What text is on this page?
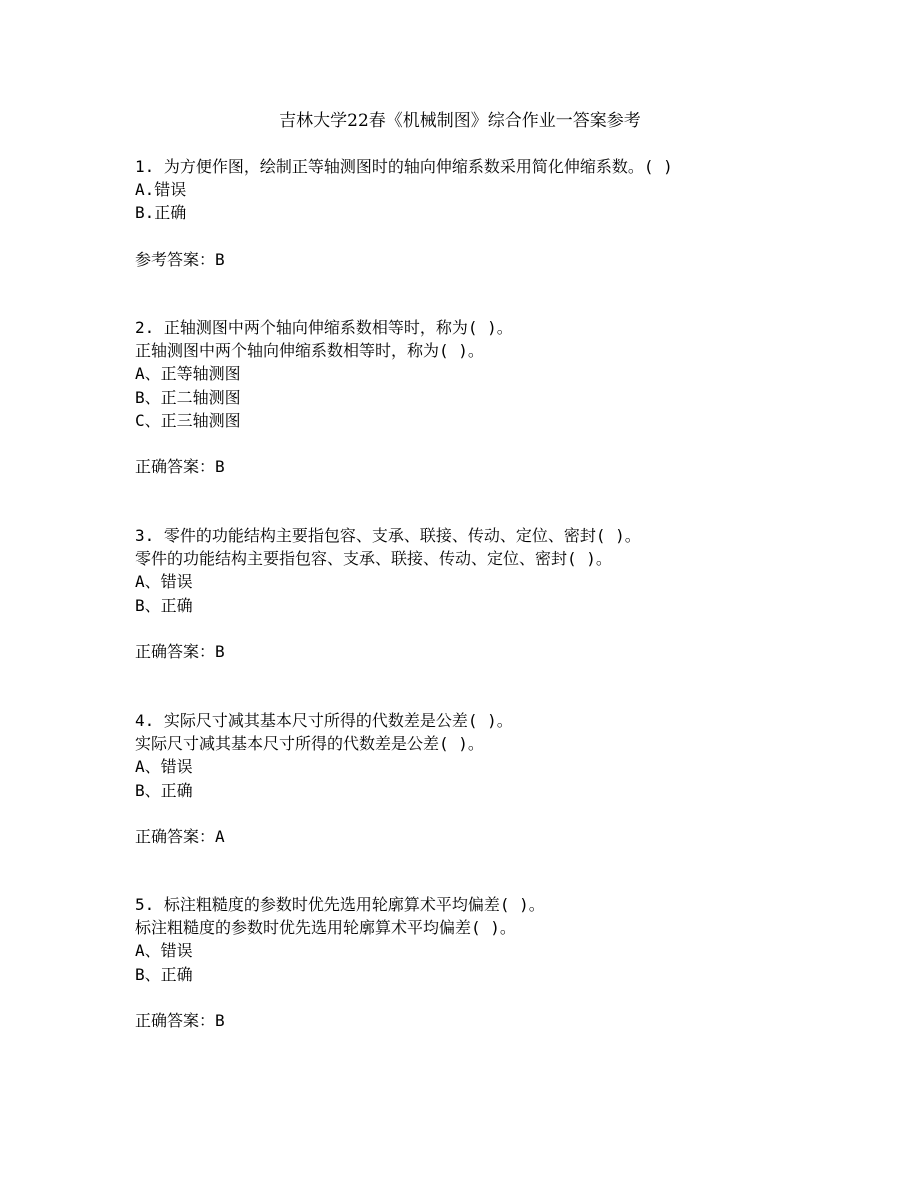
吉林大学22春《机械制图》综合作业一答案参考
1. 为方便作图，绘制正等轴测图时的轴向伸缩系数采用简化伸缩系数。( )
A.错误
B.正确
参考答案：B
2. 正轴测图中两个轴向伸缩系数相等时，称为( )。
正轴测图中两个轴向伸缩系数相等时，称为( )。
A、正等轴测图
B、正二轴测图
C、正三轴测图
正确答案：B
3. 零件的功能结构主要指包容、支承、联接、传动、定位、密封( )。
零件的功能结构主要指包容、支承、联接、传动、定位、密封( )。
A、错误
B、正确
正确答案：B
4. 实际尺寸减其基本尺寸所得的代数差是公差( )。
实际尺寸减其基本尺寸所得的代数差是公差( )。
A、错误
B、正确
正确答案：A
5. 标注粗糙度的参数时优先选用轮廓算术平均偏差( )。
标注粗糙度的参数时优先选用轮廓算术平均偏差( )。
A、错误
B、正确
正确答案：B
